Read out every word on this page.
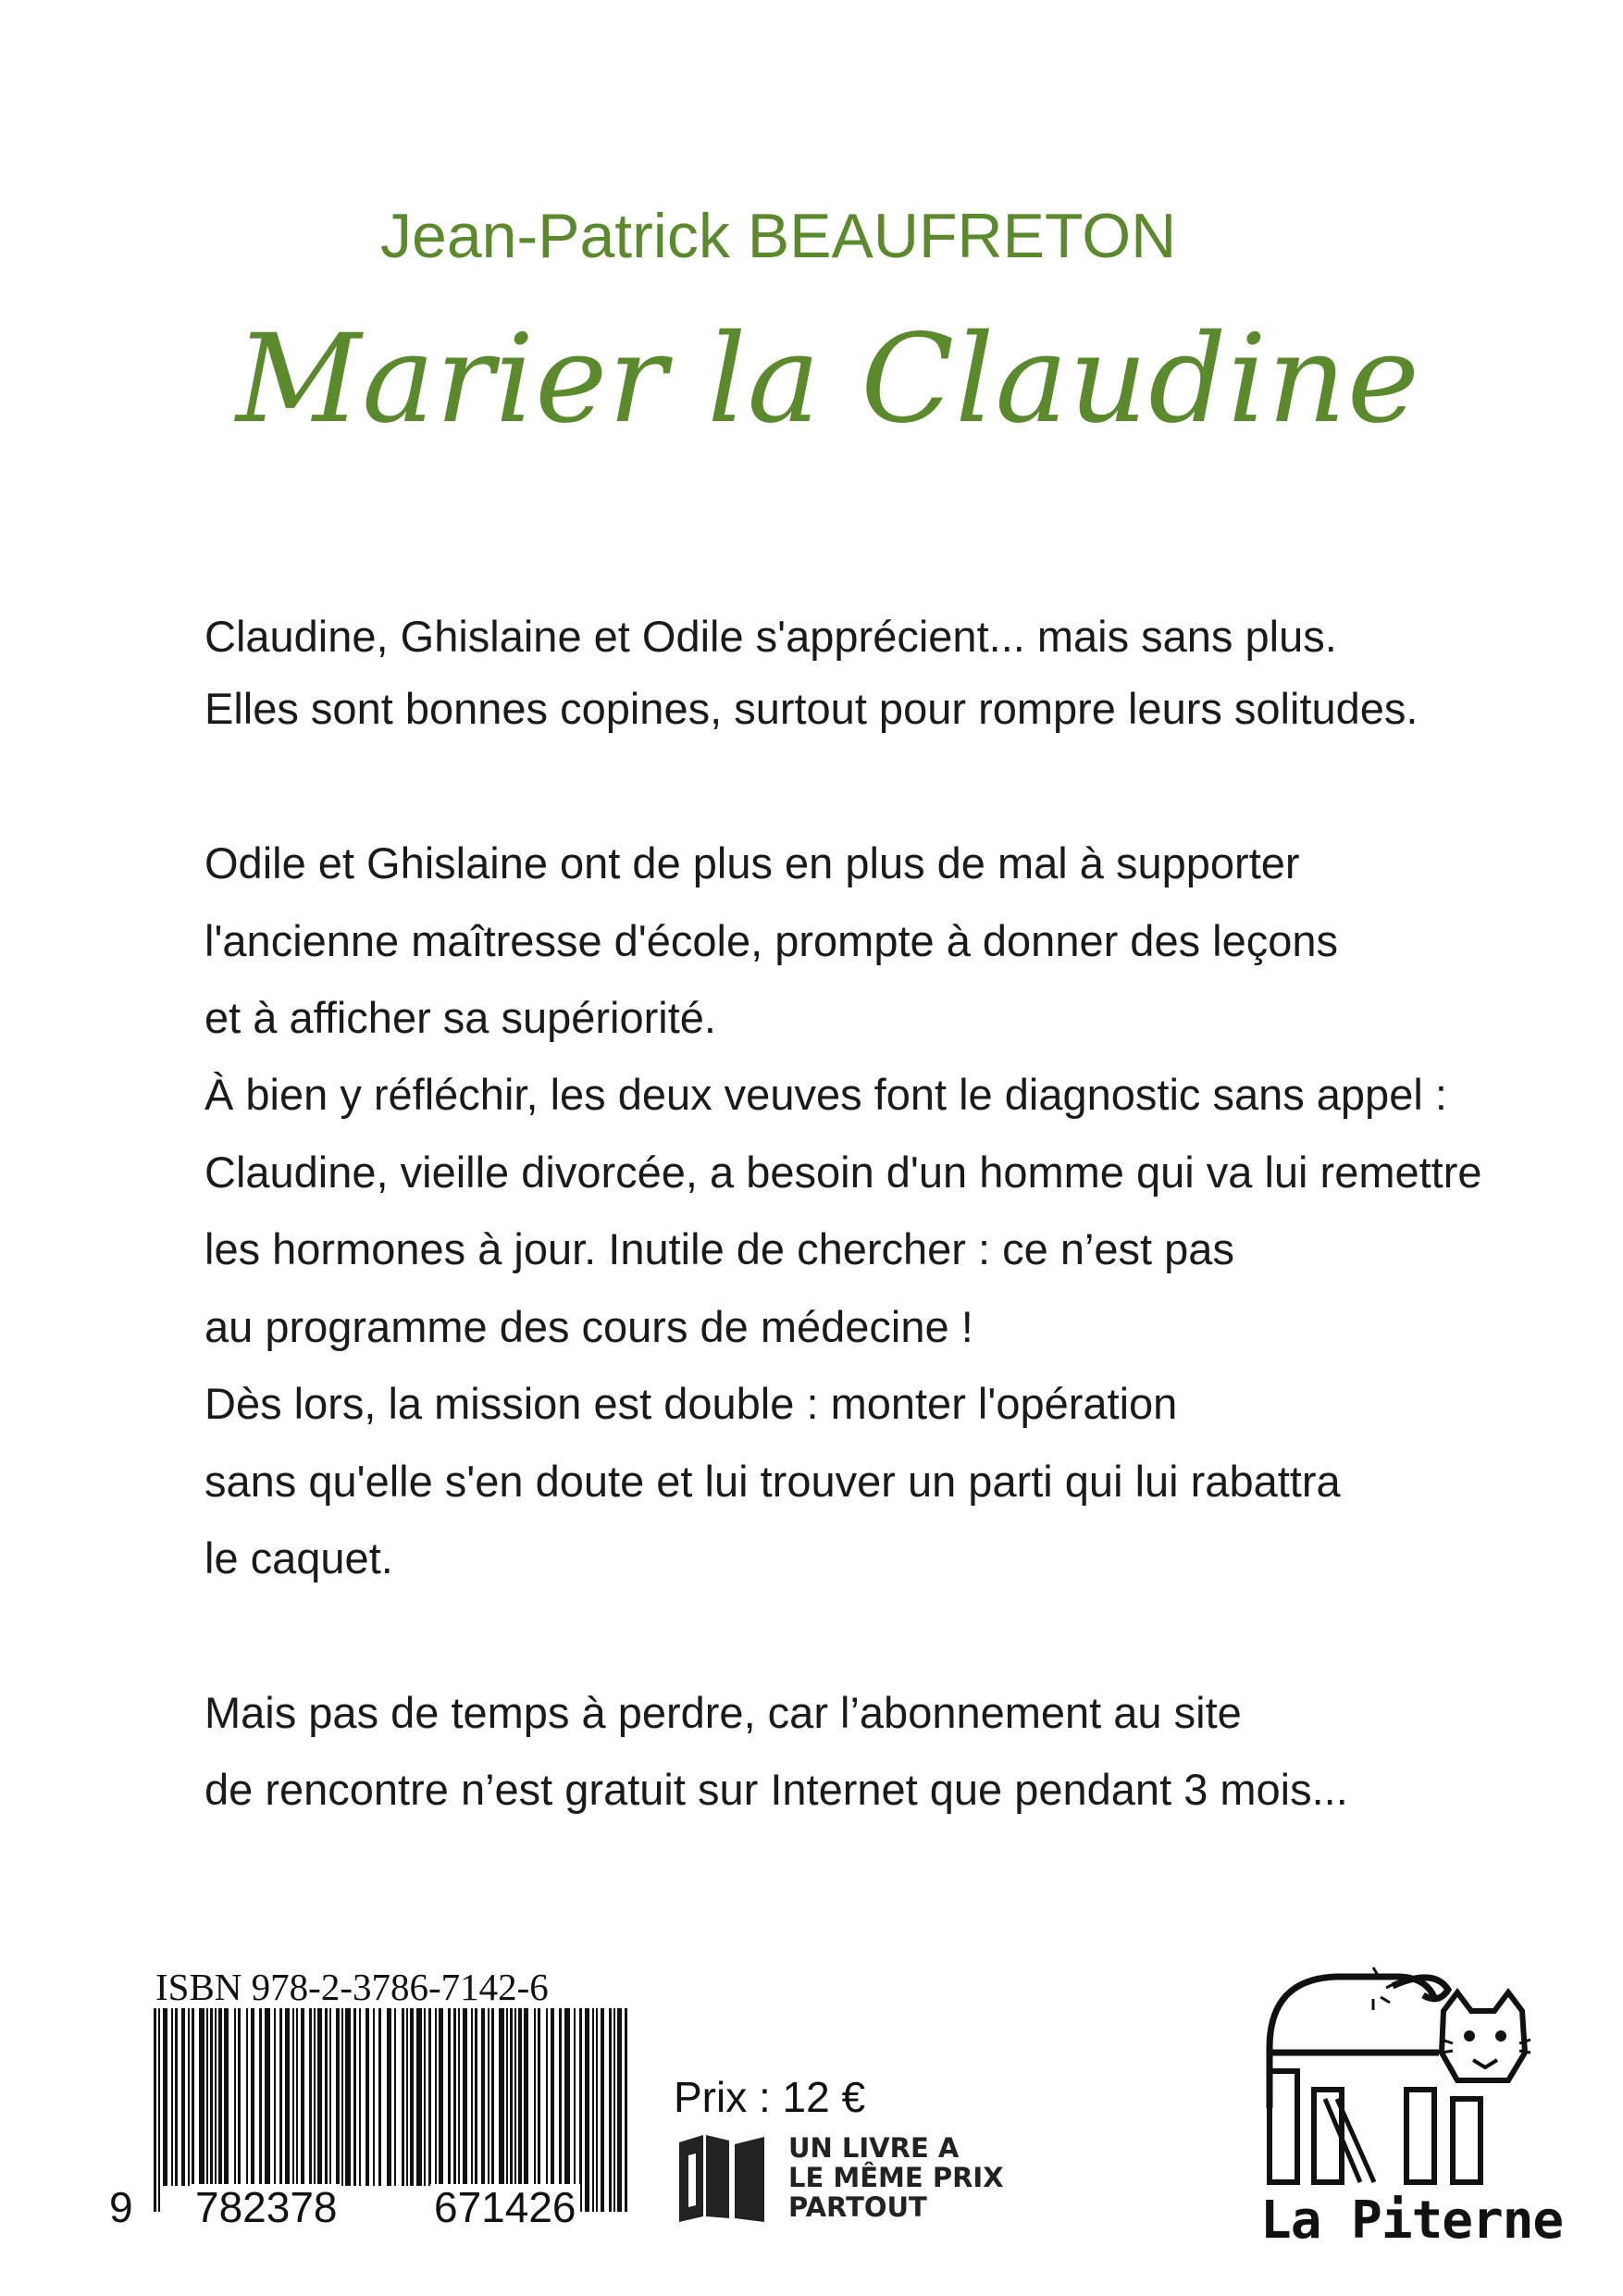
Jean-Patrick BEAUFRETON
Marier la Claudine
Claudine, Ghislaine et Odile s'apprécient... mais sans plus.
Elles sont bonnes copines, surtout pour rompre leurs solitudes.
Odile et Ghislaine ont de plus en plus de mal à supporter
l'ancienne maîtresse d'école, prompte à donner des leçons
et à afficher sa supériorité.
À bien y réfléchir, les deux veuves font le diagnostic sans appel :
Claudine, vieille divorcée, a besoin d'un homme qui va lui remettre
les hormones à jour. Inutile de chercher : ce n’est pas
au programme des cours de médecine !
Dès lors, la mission est double : monter l'opération
sans qu'elle s'en doute et lui trouver un parti qui lui rabattra
le caquet.
Mais pas de temps à perdre, car l’abonnement au site
de rencontre n’est gratuit sur Internet que pendant 3 mois...
ISBN 978-2-3786-7142-6
9 782378 671426
Prix : 12 €
UN LIVRE A
LE MÊME PRIX
PARTOUT	La Piterne
